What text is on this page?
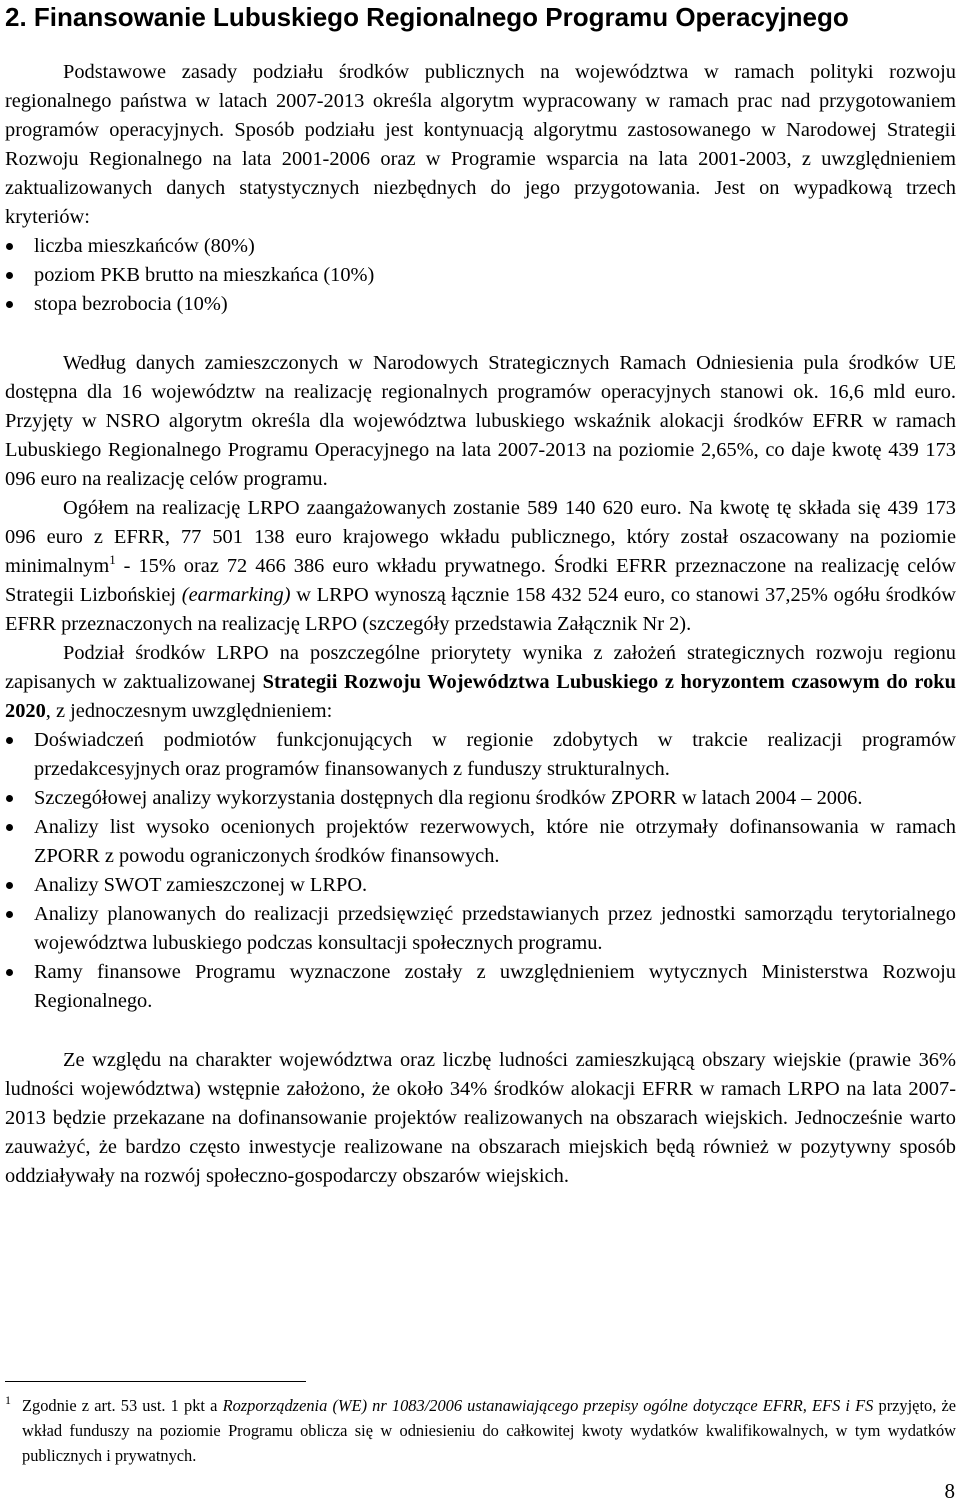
2. Finansowanie Lubuskiego Regionalnego Programu Operacyjnego

Podstawowe zasady podziału środków publicznych na województwa w ramach polityki rozwoju regionalnego państwa w latach 2007-2013 określa algorytm wypracowany w ramach prac nad przygotowaniem programów operacyjnych. Sposób podziału jest kontynuacją algorytmu zastosowanego w Narodowej Strategii Rozwoju Regionalnego na lata 2001-2006 oraz w Programie wsparcia na lata 2001-2003, z uwzględnieniem zaktualizowanych danych statystycznych niezbędnych do jego przygotowania. Jest on wypadkową trzech kryteriów:

liczba mieszkańców (80%)
poziom PKB brutto na mieszkańca (10%)
stopa bezrobocia (10%)

Według danych zamieszczonych w Narodowych Strategicznych Ramach Odniesienia pula środków UE dostępna dla 16 województw na realizację regionalnych programów operacyjnych stanowi ok. 16,6 mld euro. Przyjęty w NSRO algorytm określa dla województwa lubuskiego wskaźnik alokacji środków EFRR w ramach Lubuskiego Regionalnego Programu Operacyjnego na lata 2007-2013 na poziomie 2,65%, co daje kwotę 439 173 096 euro na realizację celów programu.

Ogółem na realizację LRPO zaangażowanych zostanie 589 140 620 euro. Na kwotę tę składa się 439 173 096 euro z EFRR, 77 501 138 euro krajowego wkładu publicznego, który został oszacowany na poziomie minimalnym$^1$ - 15% oraz 72 466 386 euro wkładu prywatnego. Środki EFRR przeznaczone na realizację celów Strategii Lizbońskiej (earmarking) w LRPO wynoszą łącznie 158 432 524 euro, co stanowi 37,25% ogółu środków EFRR przeznaczonych na realizację LRPO (szczegóły przedstawia Załącznik Nr 2).

Podział środków LRPO na poszczególne priorytety wynika z założeń strategicznych rozwoju regionu zapisanych w zaktualizowanej Strategii Rozwoju Województwa Lubuskiego z horyzontem czasowym do roku 2020, z jednoczesnym uwzględnieniem:

Doświadczeń podmiotów funkcjonujących w regionie zdobytych w trakcie realizacji programów przedakcesyjnych oraz programów finansowanych z funduszy strukturalnych.
Szczegółowej analizy wykorzystania dostępnych dla regionu środków ZPORR w latach 2004 – 2006.
Analizy list wysoko ocenionych projektów rezerwowych, które nie otrzymały dofinansowania w ramach ZPORR z powodu ograniczonych środków finansowych.
Analizy SWOT zamieszczonej w LRPO.
Analizy planowanych do realizacji przedsięwzięć przedstawianych przez jednostki samorządu terytorialnego województwa lubuskiego podczas konsultacji społecznych programu.
Ramy finansowe Programu wyznaczone zostały z uwzględnieniem wytycznych Ministerstwa Rozwoju Regionalnego.

Ze względu na charakter województwa oraz liczbę ludności zamieszkującą obszary wiejskie (prawie 36% ludności województwa) wstępnie założono, że około 34% środków alokacji EFRR w ramach LRPO na lata 2007-2013 będzie przekazane na dofinansowanie projektów realizowanych na obszarach wiejskich. Jednocześnie warto zauważyć, że bardzo często inwestycje realizowane na obszarach miejskich będą również w pozytywny sposób oddziaływały na rozwój społeczno-gospodarczy obszarów wiejskich.

1 Zgodnie z art. 53 ust. 1 pkt a Rozporządzenia (WE) nr 1083/2006 ustanawiającego przepisy ogólne dotyczące EFRR, EFS i FS przyjęto, że wkład funduszy na poziomie Programu oblicza się w odniesieniu do całkowitej kwoty wydatków kwalifikowalnych, w tym wydatków publicznych i prywatnych.
8
